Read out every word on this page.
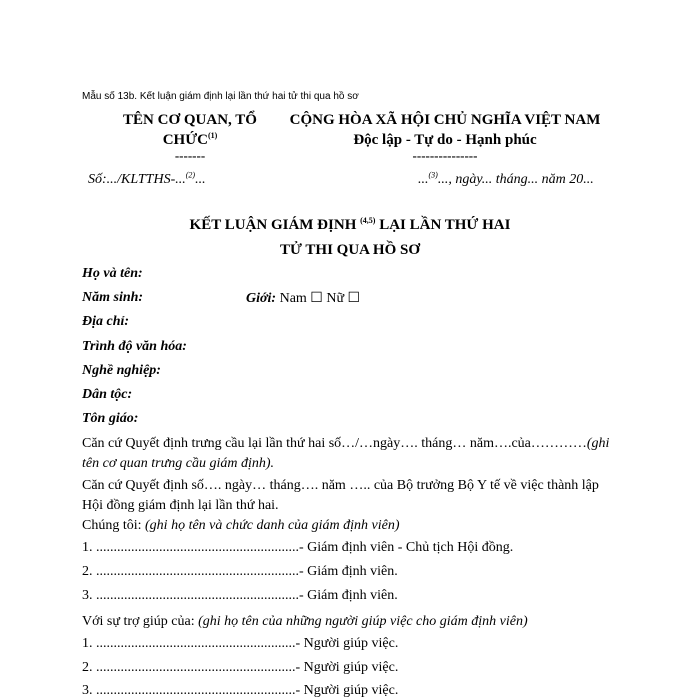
Mẫu số 13b. Kết luận giám định lại lần thứ hai tử thi qua hồ sơ
TÊN CƠ QUAN, TỔ
CHỨC$^{(1)}$
-------
CỘNG HÒA XÃ HỘI CHỦ NGHĨA VIỆT NAM
Độc lập - Tự do - Hạnh phúc
---------------
Số:.../KLTTHS-...$^{(2)}$...	...$^{(3)}$..., ngày... tháng... năm 20...
KẾT LUẬN GIÁM ĐỊNH $^{(4,5)}$ LẠI LẦN THỨ HAI
TỬ THI QUA HỒ SƠ
Họ và tên:
Năm sinh:	Giới: Nam ☐ Nữ ☐
Địa chỉ:
Trình độ văn hóa:
Nghề nghiệp:
Dân tộc:
Tôn giáo:
Căn cứ Quyết định trưng cầu lại lần thứ hai số…/…ngày…. tháng… năm….của…………(ghi tên cơ quan trưng cầu giám định).
Căn cứ Quyết định số…. ngày… tháng…. năm ….. của Bộ trưởng Bộ Y tế về việc thành lập Hội đồng giám định lại lần thứ hai.
Chúng tôi: (ghi họ tên và chức danh của giám định viên)
1. ..........................................................- Giám định viên - Chủ tịch Hội đồng.
2. ..........................................................- Giám định viên.
3. ..........................................................- Giám định viên.
Với sự trợ giúp của: (ghi họ tên của những người giúp việc cho giám định viên)
1. .........................................................- Người giúp việc.
2. .........................................................- Người giúp việc.
3. .........................................................- Người giúp việc.
